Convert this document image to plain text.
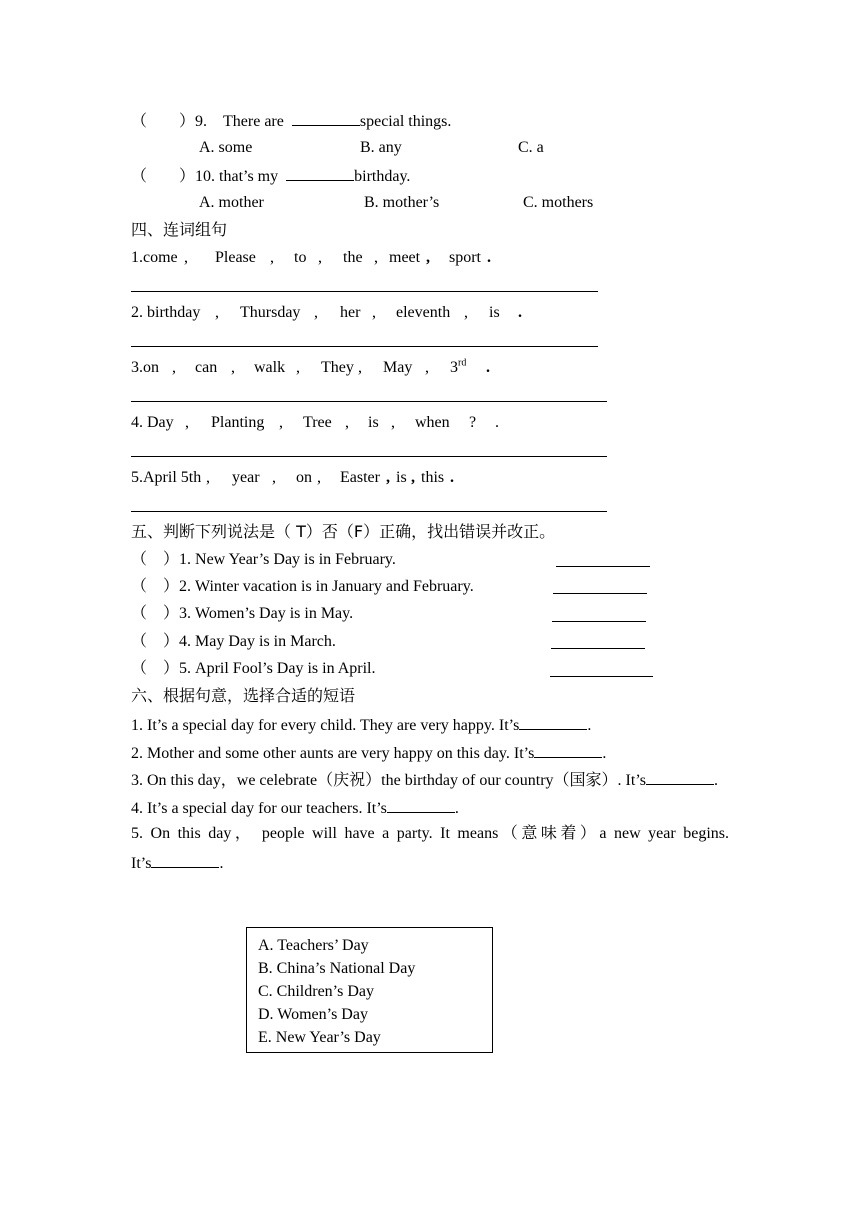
（　　）9. There are	special things.
A. some	B. any	C. a
（　　）10. that’s my	birthday.
A. mother	B. mother’s	C. mothers
四、连词组句
1.come , Please , to , the , meet , sport .
2. birthday , Thursday , her , eleventh , is .
3.on , can , walk , They , May , 3rd .
4. Day , Planting , Tree , is , when ? .
5.April 5th , year , on , Easter , is , this .
五、判断下列说法是（ T）否（F）正确，找出错误并改正。
（　）1. New Year’s Day is in February.
（　）2. Winter vacation is in January and February.
（　）3. Women’s Day is in May.
（　）4. May Day is in March.
（　）5. April Fool’s Day is in April.
六、根据句意，选择合适的短语
1. It’s a special day for every child. They are very happy. It’s	.
2. Mother and some other aunts are very happy on this day. It’s	.
3. On this day，we celebrate（庆祝）the birthday of our country（国家）. It’s	.
4. It’s a special day for our teachers. It’s	.
5. On this day， people will have a party. It means（意味着）a new year begins.
It’s	.
A. Teachers’ Day
B. China’s National Day
C. Children’s Day
D. Women’s Day
E. New Year’s Day
